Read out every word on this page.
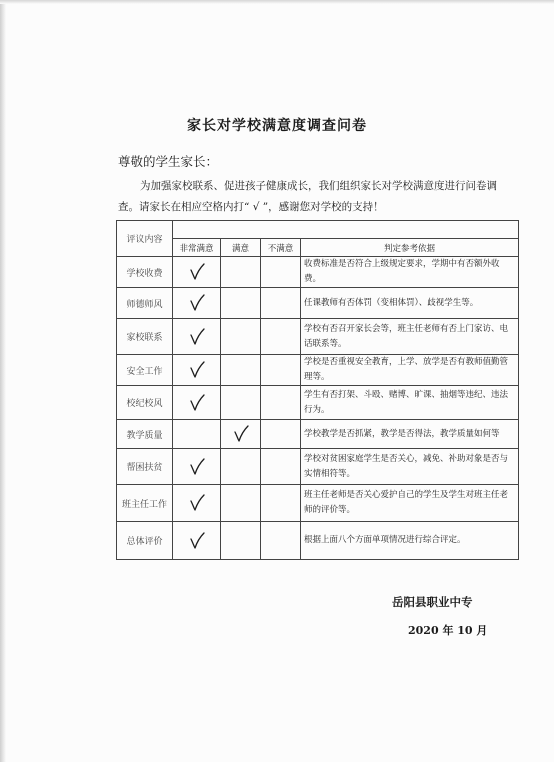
家长对学校满意度调查问卷
尊敬的学生家长：
为加强家校联系、促进孩子健康成长，我们组织家长对学校满意度进行问卷调查。请家长在相应空格内打“ √ ”，感谢您对学校的支持！
评议内容				
	非常满意	满意	不满意	判定参考依据
学校收费				收费标准是否符合上级规定要求，学期中有否额外收费。
师德师风				任课教师有否体罚（变相体罚）、歧视学生等。
家校联系				学校有否召开家长会等，班主任老师有否上门家访、电话联系等。
安全工作				学校是否重视安全教育，上学、放学是否有教师值勤管理等。
校纪校风				学生有否打架、斗殴、赌博、旷课、抽烟等违纪、违法行为。
教学质量				学校教学是否抓紧，教学是否得法，教学质量如何等
帮困扶贫				学校对贫困家庭学生是否关心，减免、补助对象是否与实情相符等。
班主任工作				班主任老师是否关心爱护自己的学生及学生对班主任老师的评价等。
总体评价				根据上面八个方面单项情况进行综合评定。
岳阳县职业中专
2020 年 10 月
